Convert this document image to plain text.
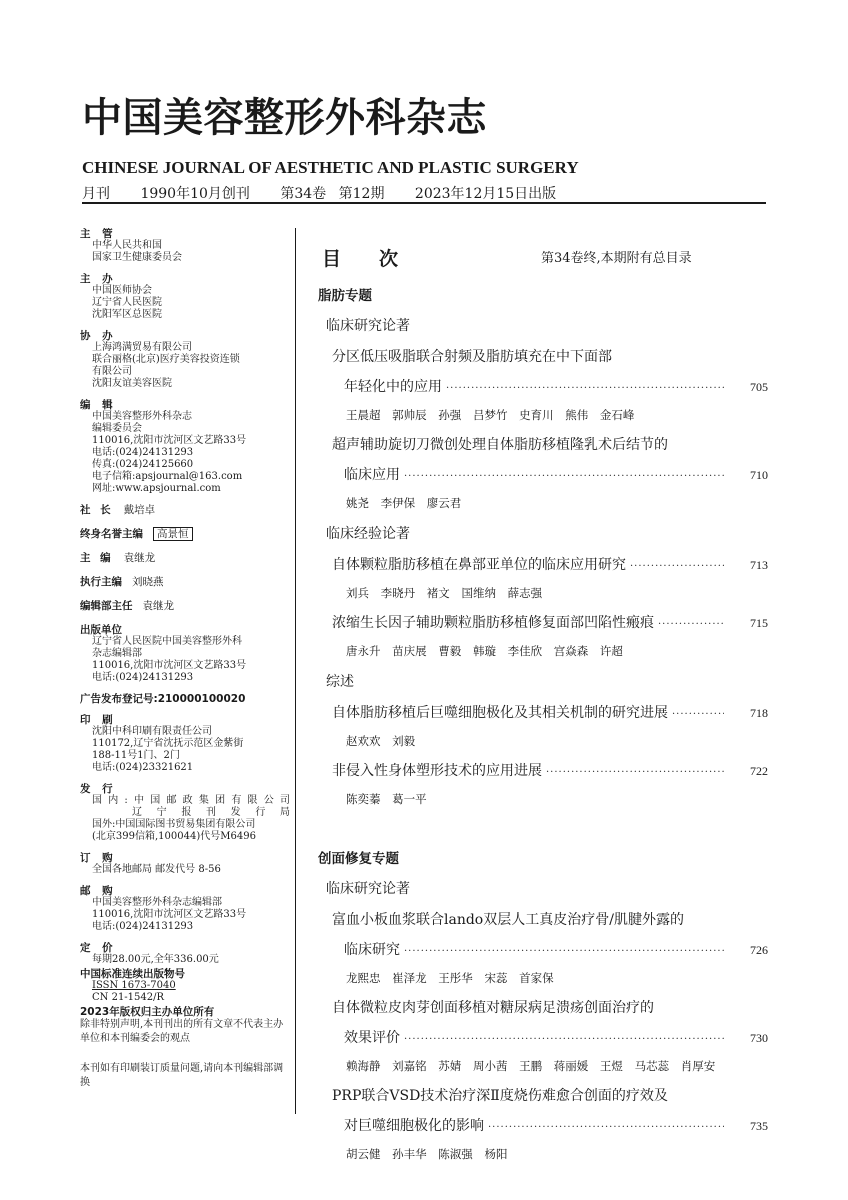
中国美容整形外科杂志
CHINESE JOURNAL OF AESTHETIC AND PLASTIC SURGERY
月刊 1990年10月创刊 第34卷 第12期 2023年12月15日出版
主 管
中华人民共和国
国家卫生健康委员会
主 办
中国医师协会
辽宁省人民医院
沈阳军区总医院
协 办
上海鸿满贸易有限公司
联合丽格(北京)医疗美容投资连锁
有限公司
沈阳友谊美容医院
编 辑
中国美容整形外科杂志
编辑委员会
110016,沈阳市沈河区文艺路33号
电话:(024)24131293
传真:(024)24125660
电子信箱:apsjournal@163.com
网址:www.apsjournal.com
社 长 戴培卓
终身名誉主编 高景恒
主 编 袁继龙
执行主编 刘晓燕
编辑部主任 袁继龙
出版单位
辽宁省人民医院中国美容整形外科
杂志编辑部
110016,沈阳市沈河区文艺路33号
电话:(024)24131293
广告发布登记号:210000100020
印 刷
沈阳中科印刷有限责任公司
110172,辽宁省沈抚示范区金紫街
188-11号1门、2门
电话:(024)23321621
发 行
国内:中国邮政集团有限公司
辽 宁 报 刊 发 行 局
国外:中国国际图书贸易集团有限公司
(北京399信箱,100044)代号M6496
订 购
全国各地邮局 邮发代号 8-56
邮 购
中国美容整形外科杂志编辑部
110016,沈阳市沈河区文艺路33号
电话:(024)24131293
定 价
每期28.00元,全年336.00元
中国标准连续出版物号
ISSN 1673-7040
CN 21-1542/R
2023年版权归主办单位所有
除非特别声明,本刊刊出的所有文章不代表主办单位和本刊编委会的观点
本刊如有印刷装订质量问题,请向本刊编辑部调换
目 次	第34卷终,本期附有总目录
脂肪专题
临床研究论著
分区低压吸脂联合射频及脂肪填充在中下面部
年轻化中的应用 ·····	705
王晨超 郭帅辰 孙强 吕梦竹 史育川 熊伟 金石峰
超声辅助旋切刀微创处理自体脂肪移植隆乳术后结节的
临床应用 ·····	710
姚尧 李伊保 廖云君
临床经验论著
自体颗粒脂肪移植在鼻部亚单位的临床应用研究 ·····	713
刘兵 李晓丹 褚文 国维纳 薛志强
浓缩生长因子辅助颗粒脂肪移植修复面部凹陷性瘢痕 ·····	715
唐永升 苗庆展 曹毅 韩璇 李佳欣 宫焱森 许超
综述
自体脂肪移植后巨噬细胞极化及其相关机制的研究进展 ·····	718
赵欢欢 刘毅
非侵入性身体塑形技术的应用进展 ·····	722
陈奕蓁 葛一平
创面修复专题
临床研究论著
富血小板血浆联合lando双层人工真皮治疗骨/肌腱外露的
临床研究 ·····	726
龙熙忠 崔泽龙 王彤华 宋蕊 首家保
自体微粒皮肉芽创面移植对糖尿病足溃疡创面治疗的
效果评价 ·····	730
赖海静 刘嘉铭 苏婧 周小茜 王鹏 蒋丽媛 王煜 马芯蕊 肖厚安
PRP联合VSD技术治疗深Ⅱ度烧伤难愈合创面的疗效及
对巨噬细胞极化的影响 ·····	735
胡云健 孙丰华 陈淑强 杨阳
